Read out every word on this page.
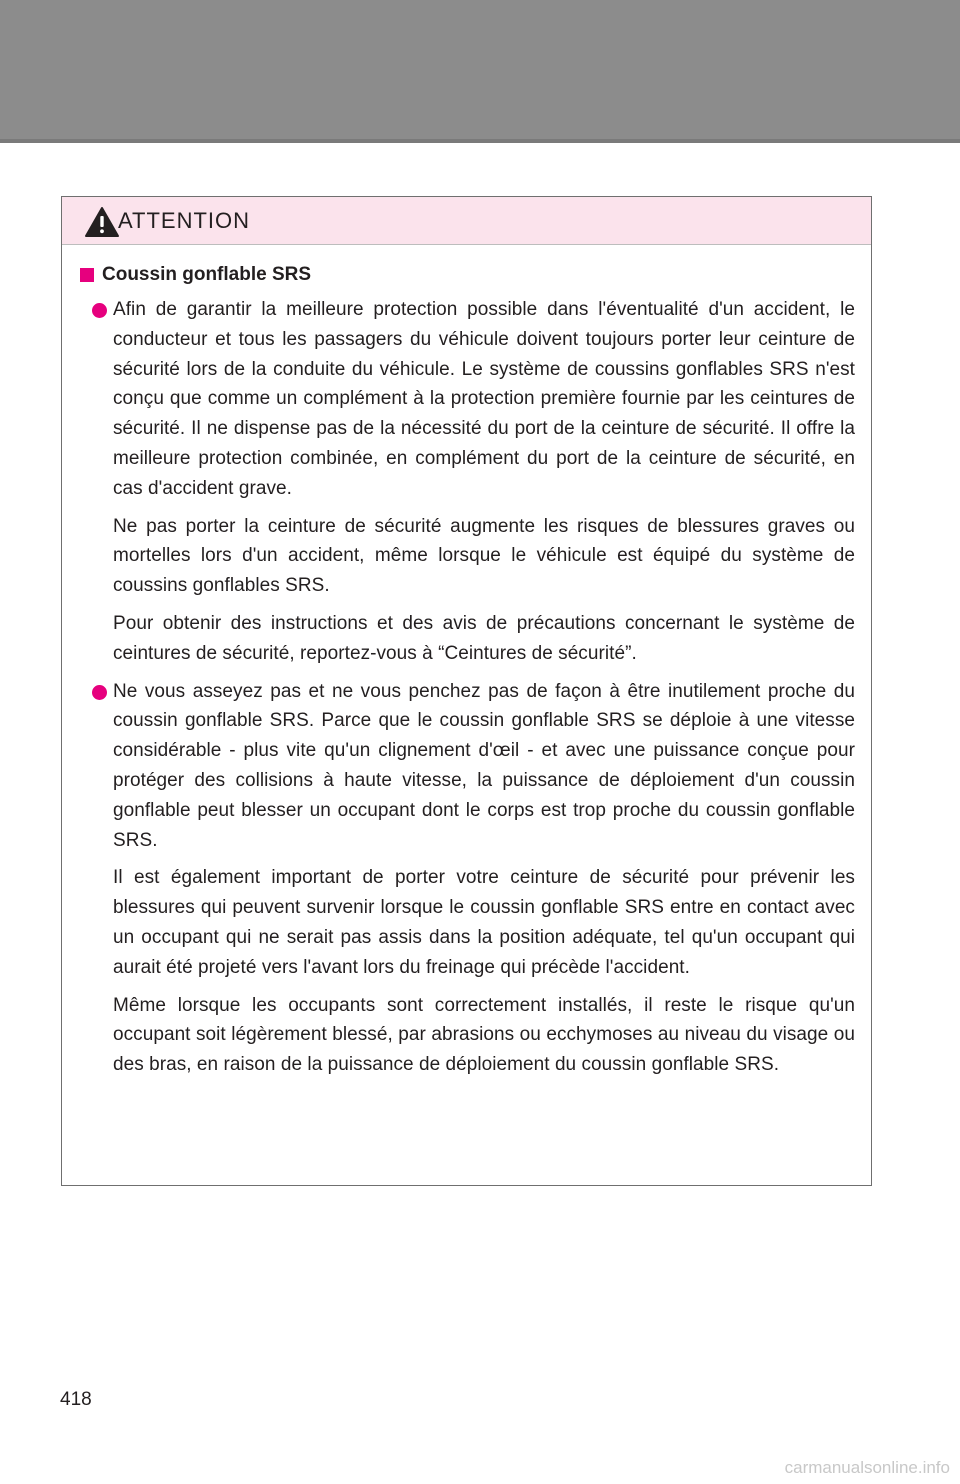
ATTENTION
Coussin gonflable SRS

Afin de garantir la meilleure protection possible dans l'éventualité d'un accident, le conducteur et tous les passagers du véhicule doivent toujours porter leur ceinture de sécurité lors de la conduite du véhicule. Le système de coussins gonflables SRS n'est conçu que comme un complément à la protection première fournie par les ceintures de sécurité. Il ne dispense pas de la nécessité du port de la ceinture de sécurité. Il offre la meilleure protection combinée, en complément du port de la ceinture de sécurité, en cas d'accident grave.

Ne pas porter la ceinture de sécurité augmente les risques de blessures graves ou mortelles lors d'un accident, même lorsque le véhicule est équipé du système de coussins gonflables SRS.

Pour obtenir des instructions et des avis de précautions concernant le système de ceintures de sécurité, reportez-vous à “Ceintures de sécurité”.

Ne vous asseyez pas et ne vous penchez pas de façon à être inutilement proche du coussin gonflable SRS. Parce que le coussin gonflable SRS se déploie à une vitesse considérable - plus vite qu'un clignement d'œil - et avec une puissance conçue pour protéger des collisions à haute vitesse, la puissance de déploiement d'un coussin gonflable peut blesser un occupant dont le corps est trop proche du coussin gonflable SRS.

Il est également important de porter votre ceinture de sécurité pour prévenir les blessures qui peuvent survenir lorsque le coussin gonflable SRS entre en contact avec un occupant qui ne serait pas assis dans la position adéquate, tel qu'un occupant qui aurait été projeté vers l'avant lors du freinage qui précède l'accident.

Même lorsque les occupants sont correctement installés, il reste le risque qu'un occupant soit légèrement blessé, par abrasions ou ecchymoses au niveau du visage ou des bras, en raison de la puissance de déploiement du coussin gonflable SRS.

418
carmanualsonline.info
